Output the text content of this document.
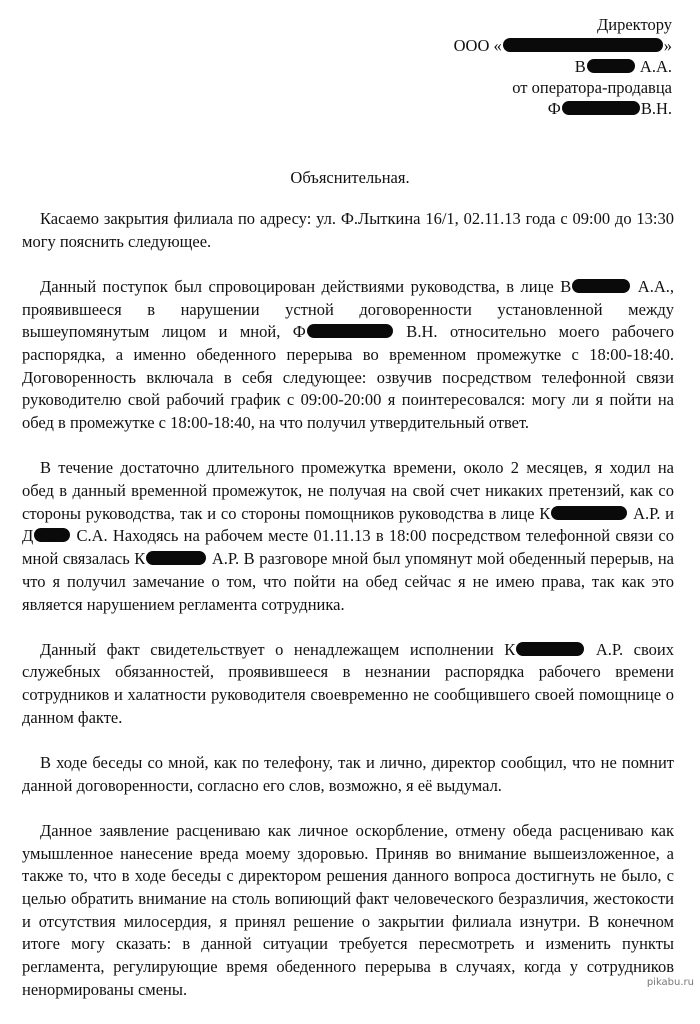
Директору
ООО «	»
В	А.А.
от оператора-продавца
Ф	В.Н.
Объяснительная.

Касаемо закрытия филиала по адресу: ул. Ф.Лыткина 16/1, 02.11.13 года с 09:00 до 13:30 могу пояснить следующее.

Данный поступок был спровоцирован действиями руководства, в лице В	А.А., проявившееся в нарушении устной договоренности установленной между вышеупомянутым лицом и мной, Ф	В.Н. относительно моего рабочего распорядка, а именно обеденного перерыва во временном промежутке с 18:00-18:40. Договоренность включала в себя следующее: озвучив посредством телефонной связи руководителю свой рабочий график с 09:00-20:00 я поинтересовался: могу ли я пойти на обед в промежутке с 18:00-18:40, на что получил утвердительный ответ.

В течение достаточно длительного промежутка времени, около 2 месяцев, я ходил на обед в данный временной промежуток, не получая на свой счет никаких претензий, как со стороны руководства, так и со стороны помощников руководства в лице К	А.Р. и Д С.А. Находясь на рабочем месте 01.11.13 в 18:00 посредством телефонной связи со мной связалась К	А.Р. В разговоре мной был упомянут мой обеденный перерыв, на что я получил замечание о том, что пойти на обед сейчас я не имею права, так как это является нарушением регламента сотрудника.

Данный факт свидетельствует о ненадлежащем исполнении К	А.Р. своих служебных обязанностей, проявившееся в незнании распорядка рабочего времени сотрудников и халатности руководителя своевременно не сообщившего своей помощнице о данном факте.

В ходе беседы со мной, как по телефону, так и лично, директор сообщил, что не помнит данной договоренности, согласно его слов, возможно, я её выдумал.

Данное заявление расцениваю как личное оскорбление, отмену обеда расцениваю как умышленное нанесение вреда моему здоровью. Приняв во внимание вышеизложенное, а также то, что в ходе беседы с директором решения данного вопроса достигнуть не было, с целью обратить внимание на столь вопиющий факт человеческого безразличия, жестокости и отсутствия милосердия, я принял решение о закрытии филиала изнутри. В конечном итоге могу сказать: в данной ситуации требуется пересмотреть и изменить пункты регламента, регулирующие время обеденного перерыва в случаях, когда у сотрудников ненормированы смены.	pikabu.ru
